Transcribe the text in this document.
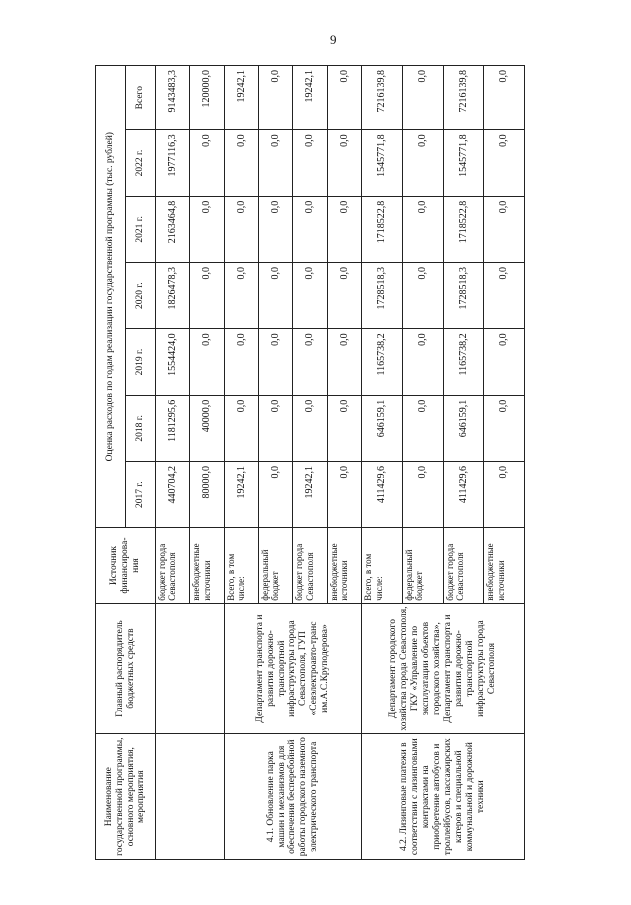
9
Наименование государственной программы, основного мероприятия, мероприятия	Главный распорядитель бюджетных средств	Источник финансирова-ния	Оценка расходов по годам реализации государственной программы (тыс. рублей)						
			2017 г.	2018 г.	2019 г.	2020 г.	2021 г.	2022 г.	Всего
		бюджет города Севастополя	440704,2	1181295,6	1554424,0	1826478,3	2163464,8	1977116,3	9143483,3
		внебюджетные источники	80000,0	40000,0	0,0	0,0	0,0	0,0	120000,0
4.1. Обновление парка машин и механизмов для обеспечения бесперебойной работы городского наземного электрического транспорта	Департамент транспорта и развития дорожно-транспортной инфраструктуры города Севастополя, ГУП «Севэлектроавто-транс им.А.С.Круподерова»	Всего, в том числе:	19242,1	0,0	0,0	0,0	0,0	0,0	19242,1
		федеральный бюджет	0,0	0,0	0,0	0,0	0,0	0,0	0,0
		бюджет города Севастополя	19242,1	0,0	0,0	0,0	0,0	0,0	19242,1
		внебюджетные источники	0,0	0,0	0,0	0,0	0,0	0,0	0,0
4.2. Лизинговые платежи в соответствии с лизинговыми контрактами на приобретение автобусов и троллейбусов, пассажирских катеров и специальной коммунальной и дорожной техники	Департамент городского хозяйства города Севастополя, ГКУ «Управление по эксплуатации объектов городского хозяйства», Департамент транспорта и развития дорожно-транспортной инфраструктуры города Севастополя	Всего, в том числе:	411429,6	646159,1	1165738,2	1728518,3	1718522,8	1545771,8	7216139,8
		федеральный бюджет	0,0	0,0	0,0	0,0	0,0	0,0	0,0
		бюджет города Севастополя	411429,6	646159,1	1165738,2	1728518,3	1718522,8	1545771,8	7216139,8
		внебюджетные источники	0,0	0,0	0,0	0,0	0,0	0,0	0,0
